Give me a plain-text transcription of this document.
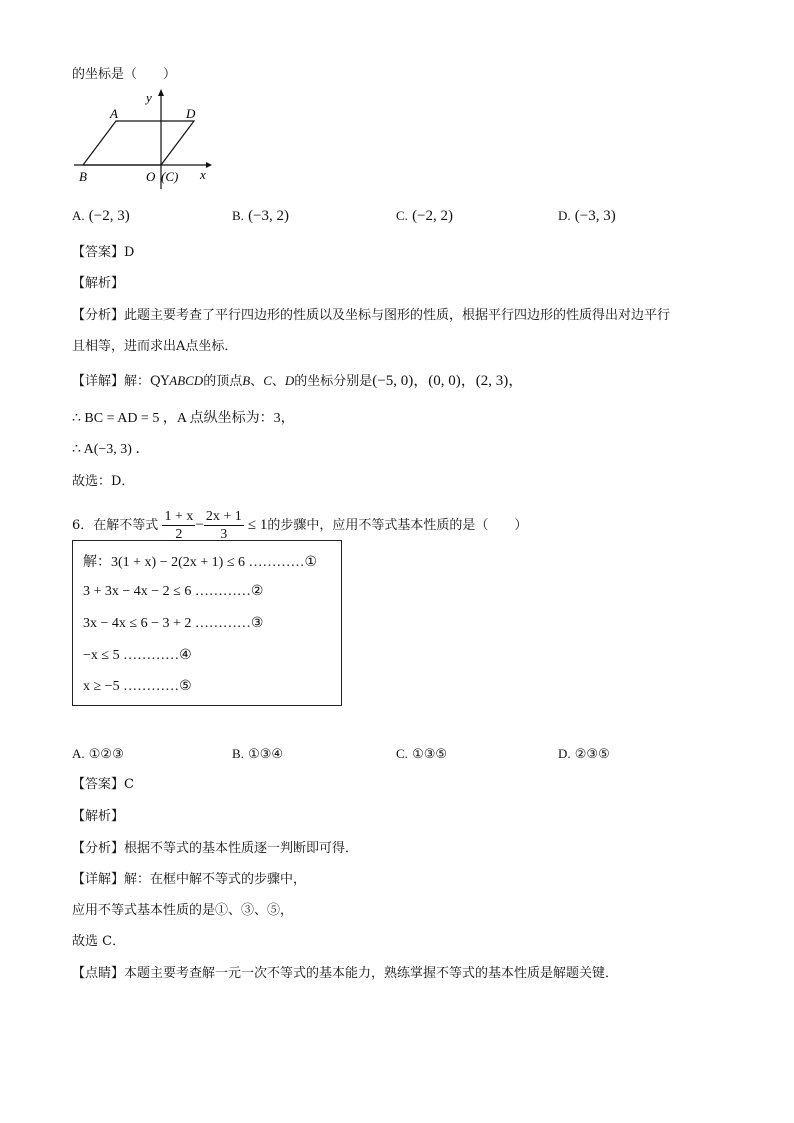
的坐标是（　　）
A	D
B	O (C) x
y
A. (−2, 3)	B. (−3, 2)	C. (−2, 2)	D. (−3, 3)
【答案】D
【解析】
【分析】此题主要考查了平行四边形的性质以及坐标与图形的性质，根据平行四边形的性质得出对边平行
且相等，进而求出A点坐标．
【详解】解：QYABCD的顶点B、C、D的坐标分别是(−5, 0)，(0, 0)，(2, 3)，
∴ BC = AD = 5 ，A 点纵坐标为：3，
∴ A(−3, 3) ．
故选：D．
6．在解不等式 $\frac{1 + x}{2} - \frac{2x + 1}{3} \le 1$的步骤中，应用不等式基本性质的是（　　）
解：3(1 + x) − 2(2x + 1) ≤ 6 …………①
3 + 3x − 4x − 2 ≤ 6 …………②
3x − 4x ≤ 6 − 3 + 2 …………③
−x ≤ 5 …………④
x ≥ −5 …………⑤
A. ①②③	B. ①③④	C. ①③⑤	D. ②③⑤
【答案】C
【解析】
【分析】根据不等式的基本性质逐一判断即可得．
【详解】解：在框中解不等式的步骤中，
应用不等式基本性质的是①、③、⑤，
故选 C．
【点睛】本题主要考查解一元一次不等式的基本能力，熟练掌握不等式的基本性质是解题关键．
